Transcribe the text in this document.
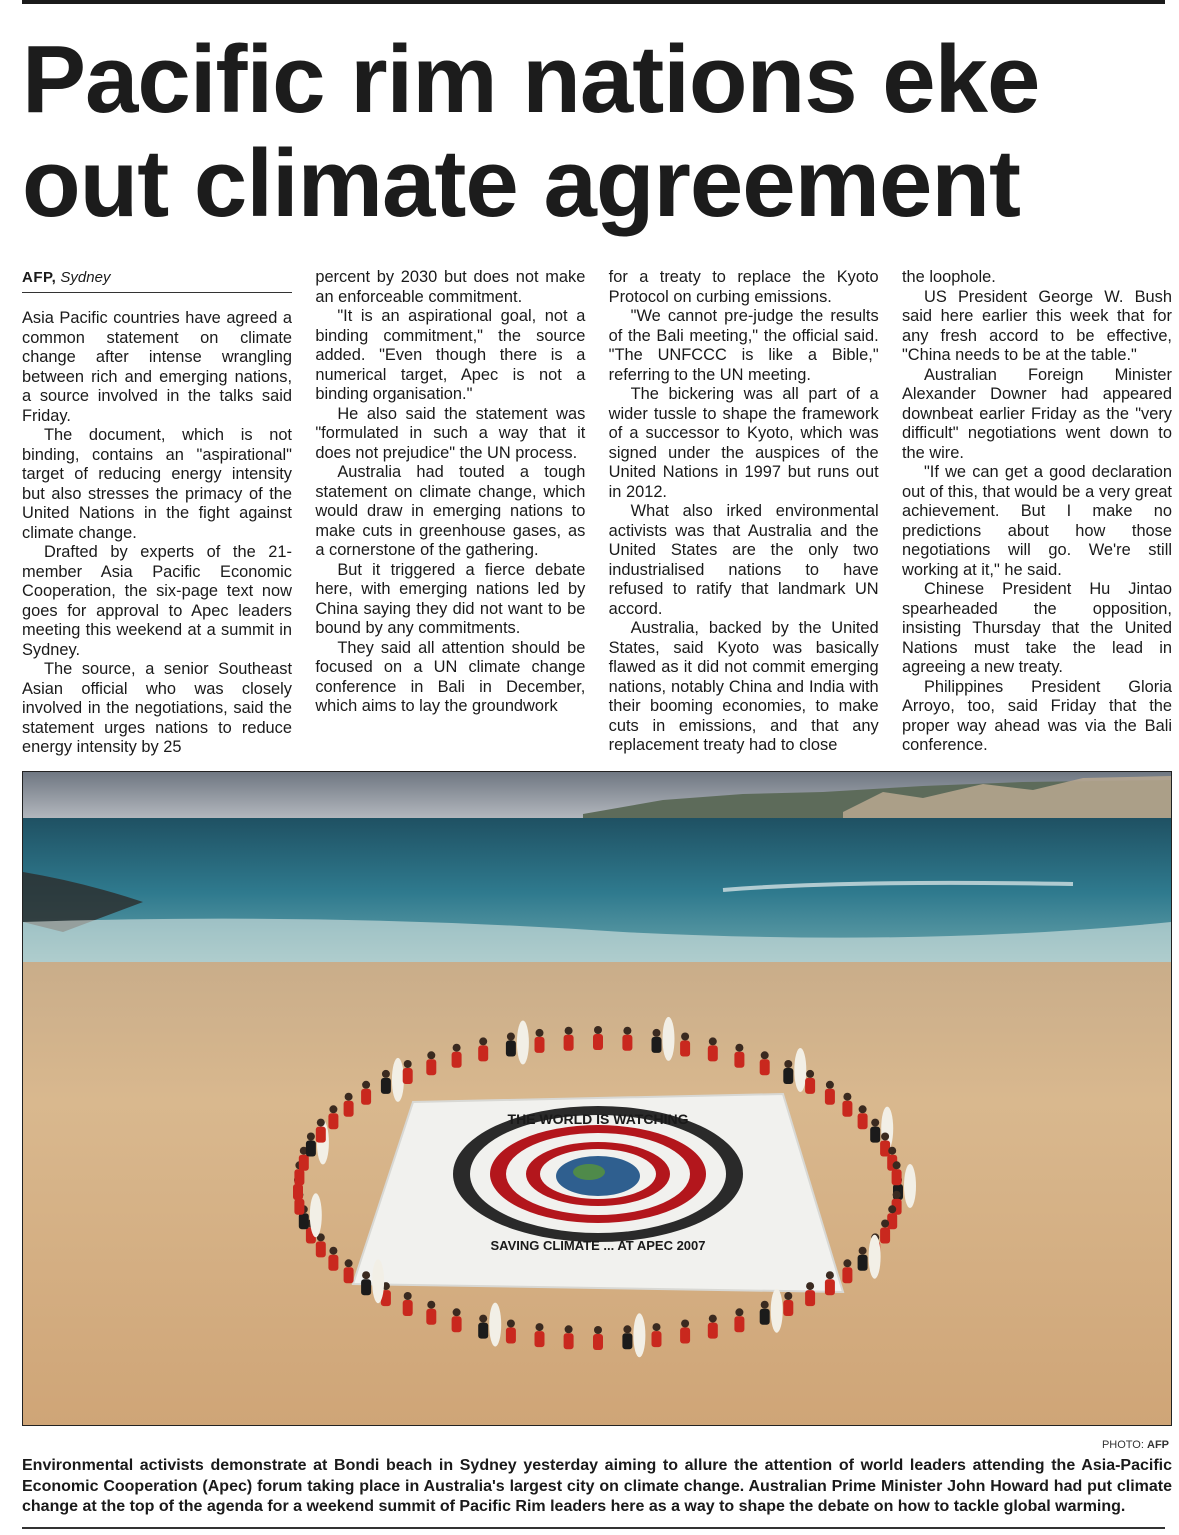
Pacific rim nations eke out climate agreement
AFP, Sydney

Asia Pacific countries have agreed a common statement on climate change after intense wrangling between rich and emerging nations, a source involved in the talks said Friday.

The document, which is not binding, contains an "aspirational" target of reducing energy intensity but also stresses the primacy of the United Nations in the fight against climate change.

Drafted by experts of the 21-member Asia Pacific Economic Cooperation, the six-page text now goes for approval to Apec leaders meeting this weekend at a summit in Sydney.

The source, a senior Southeast Asian official who was closely involved in the negotiations, said the statement urges nations to reduce energy intensity by 25

percent by 2030 but does not make an enforceable commitment.

"It is an aspirational goal, not a binding commitment," the source added. "Even though there is a numerical target, Apec is not a binding organisation."

He also said the statement was "formulated in such a way that it does not prejudice" the UN process.

Australia had touted a tough statement on climate change, which would draw in emerging nations to make cuts in greenhouse gases, as a cornerstone of the gathering.

But it triggered a fierce debate here, with emerging nations led by China saying they did not want to be bound by any commitments.

They said all attention should be focused on a UN climate change conference in Bali in December, which aims to lay the groundwork

for a treaty to replace the Kyoto Protocol on curbing emissions.

"We cannot pre-judge the results of the Bali meeting," the official said. "The UNFCCC is like a Bible," referring to the UN meeting.

The bickering was all part of a wider tussle to shape the framework of a successor to Kyoto, which was signed under the auspices of the United Nations in 1997 but runs out in 2012.

What also irked environmental activists was that Australia and the United States are the only two industrialised nations to have refused to ratify that landmark UN accord.

Australia, backed by the United States, said Kyoto was basically flawed as it did not commit emerging nations, notably China and India with their booming economies, to make cuts in emissions, and that any replacement treaty had to close

the loophole.

US President George W. Bush said here earlier this week that for any fresh accord to be effective, "China needs to be at the table."

Australian Foreign Minister Alexander Downer had appeared downbeat earlier Friday as the "very difficult" negotiations went down to the wire.

"If we can get a good declaration out of this, that would be a very great achievement. But I make no predictions about how those negotiations will go. We're still working at it," he said.

Chinese President Hu Jintao spearheaded the opposition, insisting Thursday that the United Nations must take the lead in agreeing a new treaty.

Philippines President Gloria Arroyo, too, said Friday that the proper way ahead was via the Bali conference.

THE WORLD IS WATCHING
SAVING CLIMATE ... AT APEC 2007
PHOTO: AFP

Environmental activists demonstrate at Bondi beach in Sydney yesterday aiming to allure the attention of world leaders attending the Asia-Pacific Economic Cooperation (Apec) forum taking place in Australia's largest city on climate change. Australian Prime Minister John Howard had put climate change at the top of the agenda for a weekend summit of Pacific Rim leaders here as a way to shape the debate on how to tackle global warming.
